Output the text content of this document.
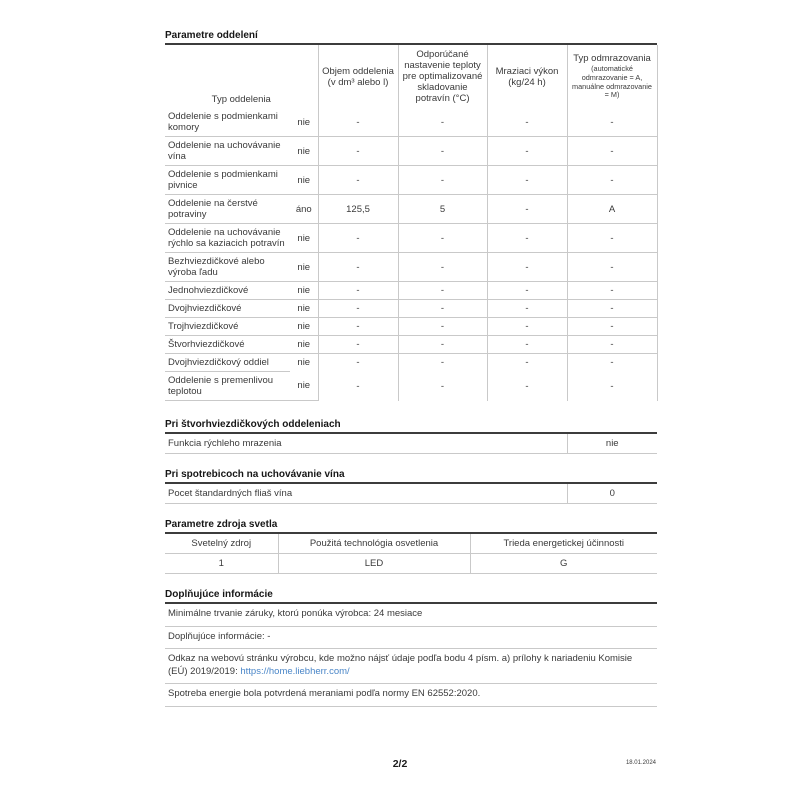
Parametre oddelení
Typ oddelenia		Objem oddelenia (v dm³ alebo l)	Odporúčané nastavenie teploty pre optimalizované skladovanie potravín (°C)	Mraziaci výkon (kg/24 h)	Typ odmrazovania
(automatické odmrazovanie = A, manuálne odmrazovanie = M)

Oddelenie s podmienkami komory	nie	-	-	-	-
Oddelenie na uchovávanie vína	nie	-	-	-	-
Oddelenie s podmienkami pivnice	nie	-	-	-	-
Oddelenie na čerstvé potraviny	áno	125,5	5	-	A
Oddelenie na uchovávanie rýchlo sa kaziacich potravín	nie	-	-	-	-
Bezhviezdičkové alebo výroba ľadu	nie	-	-	-	-
Jednohviezdičkové	nie	-	-	-	-
Dvojhviezdičkové	nie	-	-	-	-
Trojhviezdičkové	nie	-	-	-	-
Štvorhviezdičkové	nie	-	-	-	-
Dvojhviezdičkový oddiel	nie	-	-	-	-
Oddelenie s premenlivou teplotou	nie	-	-	-	-
Pri štvorhviezdičkových oddeleniach
Funkcia rýchleho mrazenia	nie
Pri spotrebicoch na uchovávanie vína
Pocet štandardných fliaš vína	0
Parametre zdroja svetla
Svetelný zdroj	Použitá technológia osvetlenia	Trieda energetickej účinnosti
1	LED	G
Doplňujúce informácie
Minimálne trvanie záruky, ktorú ponúka výrobca: 24 mesiace
Doplňujúce informácie: -
Odkaz na webovú stránku výrobcu, kde možno nájsť údaje podľa bodu 4 písm. a) prílohy k nariadeniu Komisie (EÚ) 2019/2019: https://home.liebherr.com/
Spotreba energie bola potvrdená meraniami podľa normy EN 62552:2020.
2/2	18.01.2024
